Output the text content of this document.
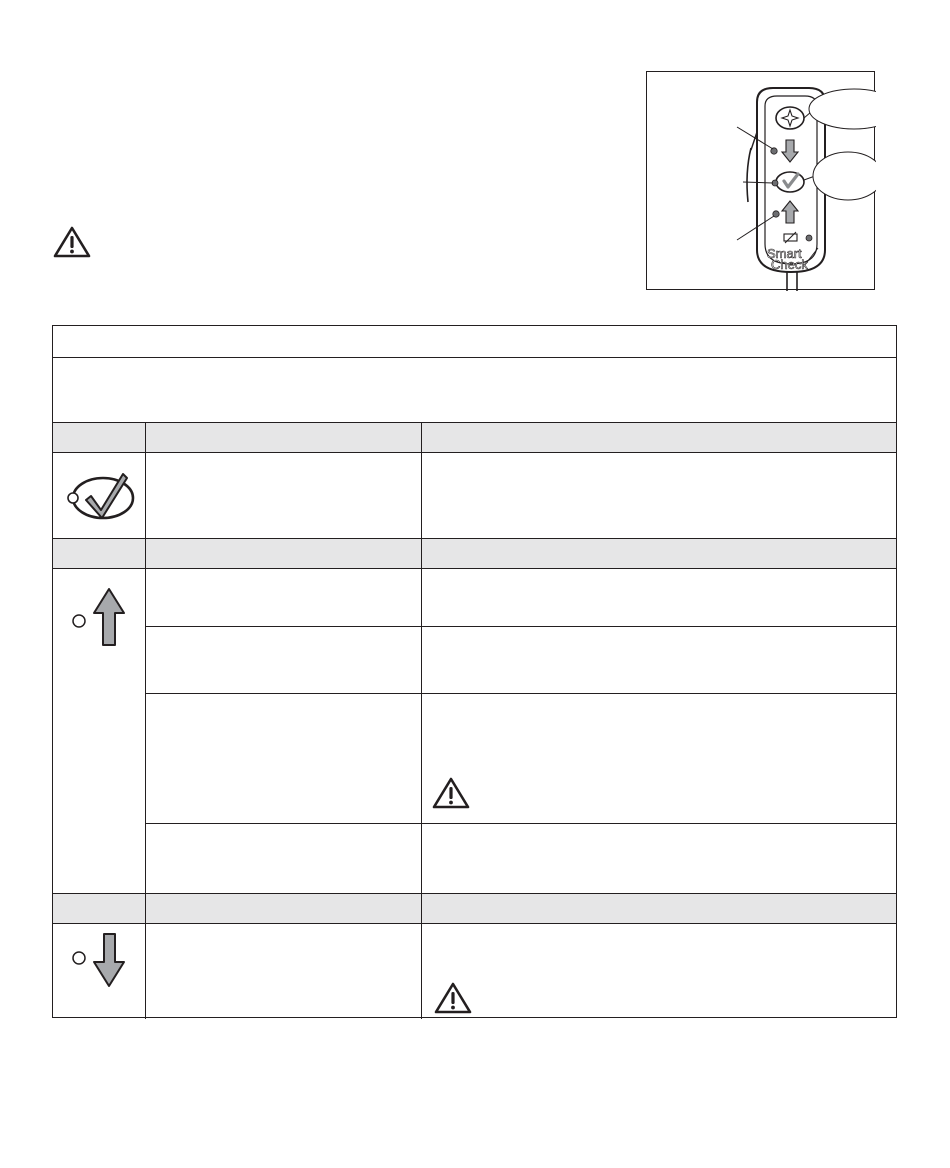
Smart
Check
